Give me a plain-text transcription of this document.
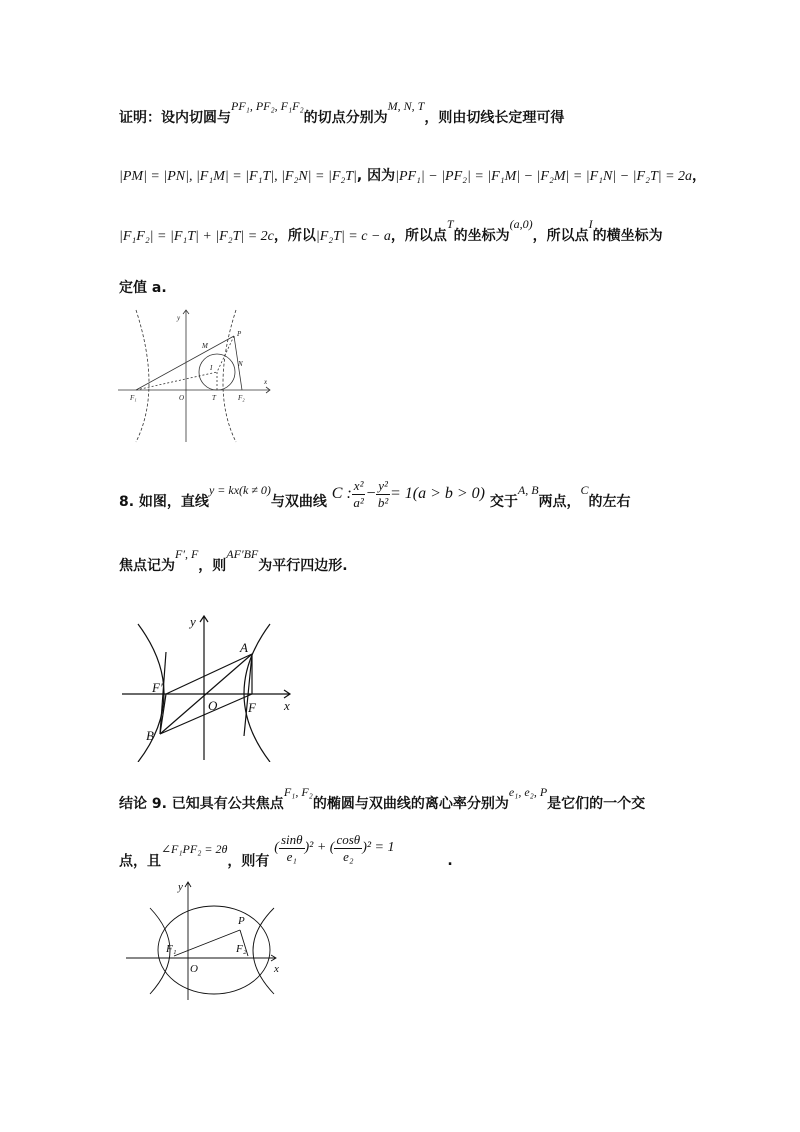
证明：设内切圆与PF₁, PF₂, F₁F₂的切点分别为M, N, T，则由切线长定理可得
|PM| = |PN|, |F₁M| = |F₁T|, |F₂N| = |F₂T|, 因为|PF₁| − |PF₂| = |F₁M| − |F₂M| = |F₁N| − |F₂T| = 2a，
|F₁F₂| = |F₁T| + |F₂T| = 2c，所以|F₂T| = c − a，所以点T的坐标为(a,0)，所以点I的横坐标为
定值 a.
y
x
O	T
F₁	F₂
M
N
I
P
8. 如图，直线y = kx(k ≠ 0)与双曲线 C : $\frac{\text{x²}}{\text{a²}} - \frac{\text{y²}}{\text{b²}} = 1(a > b > 0)$ 交于A, B两点，C的左右
焦点记为F′, F，则AF′BF为平行四边形.
y
x
O
A
B
F
F′
结论 9. 已知具有公共焦点F₁, F₂的椭圆与双曲线的离心率分别为e₁, e₂, P是它们的一个交
点，且∠F₁PF₂ = 2θ，则有 ( $\frac{\sin\theta}{\text{e₁}} )^2$ + ( $\frac{\cos\theta}{\text{e₂}} )^2 = 1$ .
y
x
O
P
F₁	F₂
